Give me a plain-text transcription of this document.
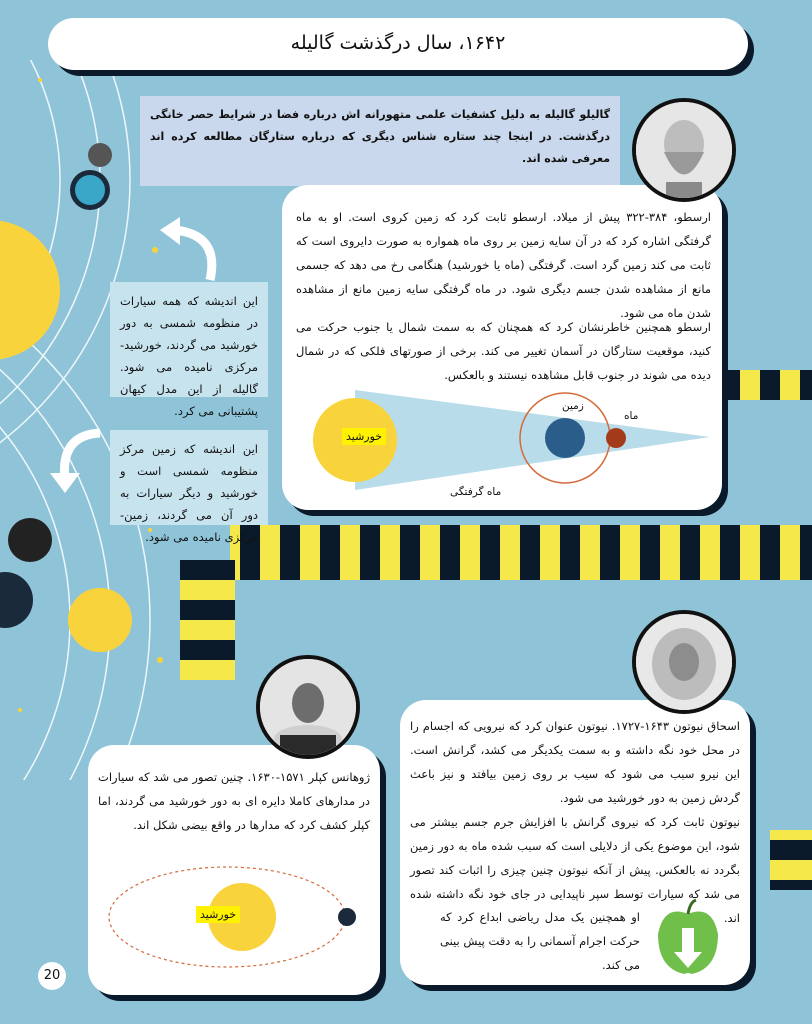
۱۶۴۲، سال درگذشت گالیله
گالیلو گالیله به دلیل کشفیات علمی متهورانه اش درباره فضا در شرایط حصر خانگی درگذشت. در اینجا چند ستاره شناس دیگری که درباره ستارگان مطالعه کرده اند معرفی شده اند.
ارسطو، ۳۸۴-۳۲۲ پیش از میلاد. ارسطو ثابت کرد که زمین کروی است. او به ماه گرفتگی اشاره کرد که در آن سایه زمین بر روی ماه همواره به صورت دایروی است که ثابت می کند زمین گرد است. گرفتگی (ماه یا خورشید) هنگامی رخ می دهد که جسمی مانع از مشاهده شدن جسم دیگری شود. در ماه گرفتگی سایه زمین مانع از مشاهده شدن ماه می شود.
ارسطو همچنین خاطرنشان کرد که همچنان که به سمت شمال یا جنوب حرکت می کنید، موقعیت ستارگان در آسمان تغییر می کند. برخی از صورتهای فلکی که در شمال دیده می شوند در جنوب قابل مشاهده نیستند و بالعکس.
خورشید
زمین
ماه
ماه گرفتگی
این اندیشه که همه سیارات در منظومه شمسی به دور خورشید می گردند، خورشید-مرکزی نامیده می شود. گالیله از این مدل کیهان پشتیبانی می کرد.
این اندیشه که زمین مرکز منظومه شمسی است و خورشید و دیگر سیارات به دور آن می گردند، زمین-مرکزی نامیده می شود.
ژوهانس کپلر ۱۵۷۱-۱۶۳۰. چنین تصور می شد که سیارات در مدارهای کاملا دایره ای به دور خورشید می گردند، اما کپلر کشف کرد که مدارها در واقع بیضی شکل اند.
خورشید
اسحاق نیوتون ۱۶۴۳-۱۷۲۷. نیوتون عنوان کرد که نیرویی که اجسام را در محل خود نگه داشته و به سمت یکدیگر می کشد، گرانش است. این نیرو سبب می شود که سیب بر روی زمین بیافتد و نیز باعث گردش زمین به دور خورشید می شود.
نیوتون ثابت کرد که نیروی گرانش با افزایش جرم جسم بیشتر می شود، این موضوع یکی از دلایلی است که سبب شده ماه به دور زمین بگردد نه بالعکس. پیش از آنکه نیوتون چنین چیزی را اثبات کند تصور می شد که سیارات توسط سپر ناپیدایی در جای خود نگه داشته شده اند.
او همچنین یک مدل ریاضی ابداع کرد که حرکت اجرام آسمانی را به دقت پیش بینی می کند.
20
